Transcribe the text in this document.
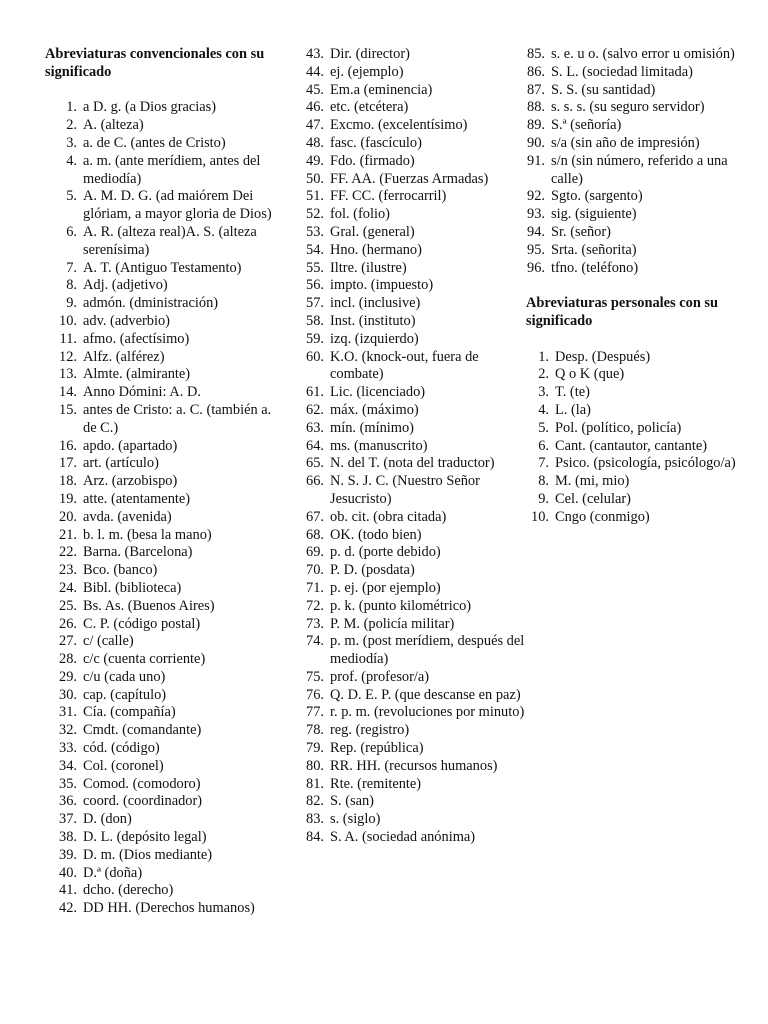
Abreviaturas convencionales con su significado
1. a D. g. (a Dios gracias)
2. A. (alteza)
3. a. de C. (antes de Cristo)
4. a. m. (ante merídiem, antes del mediodía)
5. A. M. D. G. (ad maiórem Dei glóriam, a mayor gloria de Dios)
6. A. R. (alteza real)A. S. (alteza serenísima)
7. A. T. (Antiguo Testamento)
8. Adj. (adjetivo)
9. admón. (dministración)
10. adv. (adverbio)
11. afmo. (afectísimo)
12. Alfz. (alférez)
13. Almte. (almirante)
14. Anno Dómini: A. D.
15. antes de Cristo: a. C. (también a. de C.)
16. apdo. (apartado)
17. art. (artículo)
18. Arz. (arzobispo)
19. atte. (atentamente)
20. avda. (avenida)
21. b. l. m. (besa la mano)
22. Barna. (Barcelona)
23. Bco. (banco)
24. Bibl. (biblioteca)
25. Bs. As. (Buenos Aires)
26. C. P. (código postal)
27. c/ (calle)
28. c/c (cuenta corriente)
29. c/u (cada uno)
30. cap. (capítulo)
31. Cía. (compañía)
32. Cmdt. (comandante)
33. cód. (código)
34. Col. (coronel)
35. Comod. (comodoro)
36. coord. (coordinador)
37. D. (don)
38. D. L. (depósito legal)
39. D. m. (Dios mediante)
40. D.ª (doña)
41. dcho. (derecho)
42. DD HH. (Derechos humanos)
43. Dir. (director)
44. ej. (ejemplo)
45. Em.a (eminencia)
46. etc. (etcétera)
47. Excmo. (excelentísimo)
48. fasc. (fascículo)
49. Fdo. (firmado)
50. FF. AA. (Fuerzas Armadas)
51. FF. CC. (ferrocarril)
52. fol. (folio)
53. Gral. (general)
54. Hno. (hermano)
55. Iltre. (ilustre)
56. impto. (impuesto)
57. incl. (inclusive)
58. Inst. (instituto)
59. izq. (izquierdo)
60. K.O. (knock-out, fuera de combate)
61. Lic. (licenciado)
62. máx. (máximo)
63. mín. (mínimo)
64. ms. (manuscrito)
65. N. del T. (nota del traductor)
66. N. S. J. C. (Nuestro Señor Jesucristo)
67. ob. cit. (obra citada)
68. OK. (todo bien)
69. p. d. (porte debido)
70. P. D. (posdata)
71. p. ej. (por ejemplo)
72. p. k. (punto kilométrico)
73. P. M. (policía militar)
74. p. m. (post merídiem, después del mediodía)
75. prof. (profesor/a)
76. Q. D. E. P. (que descanse en paz)
77. r. p. m. (revoluciones por minuto)
78. reg. (registro)
79. Rep. (república)
80. RR. HH. (recursos humanos)
81. Rte. (remitente)
82. S. (san)
83. s. (siglo)
84. S. A. (sociedad anónima)
85. s. e. u o. (salvo error u omisión)
86. S. L. (sociedad limitada)
87. S. S. (su santidad)
88. s. s. s. (su seguro servidor)
89. S.ª (señoría)
90. s/a (sin año de impresión)
91. s/n (sin número, referido a una calle)
92. Sgto. (sargento)
93. sig. (siguiente)
94. Sr. (señor)
95. Srta. (señorita)
96. tfno. (teléfono)
Abreviaturas personales con su significado
1. Desp. (Después)
2. Q o K (que)
3. T. (te)
4. L. (la)
5. Pol. (político, policía)
6. Cant. (cantautor, cantante)
7. Psico. (psicología, psicólogo/a)
8. M. (mi, mio)
9. Cel. (celular)
10. Cngo (conmigo)
